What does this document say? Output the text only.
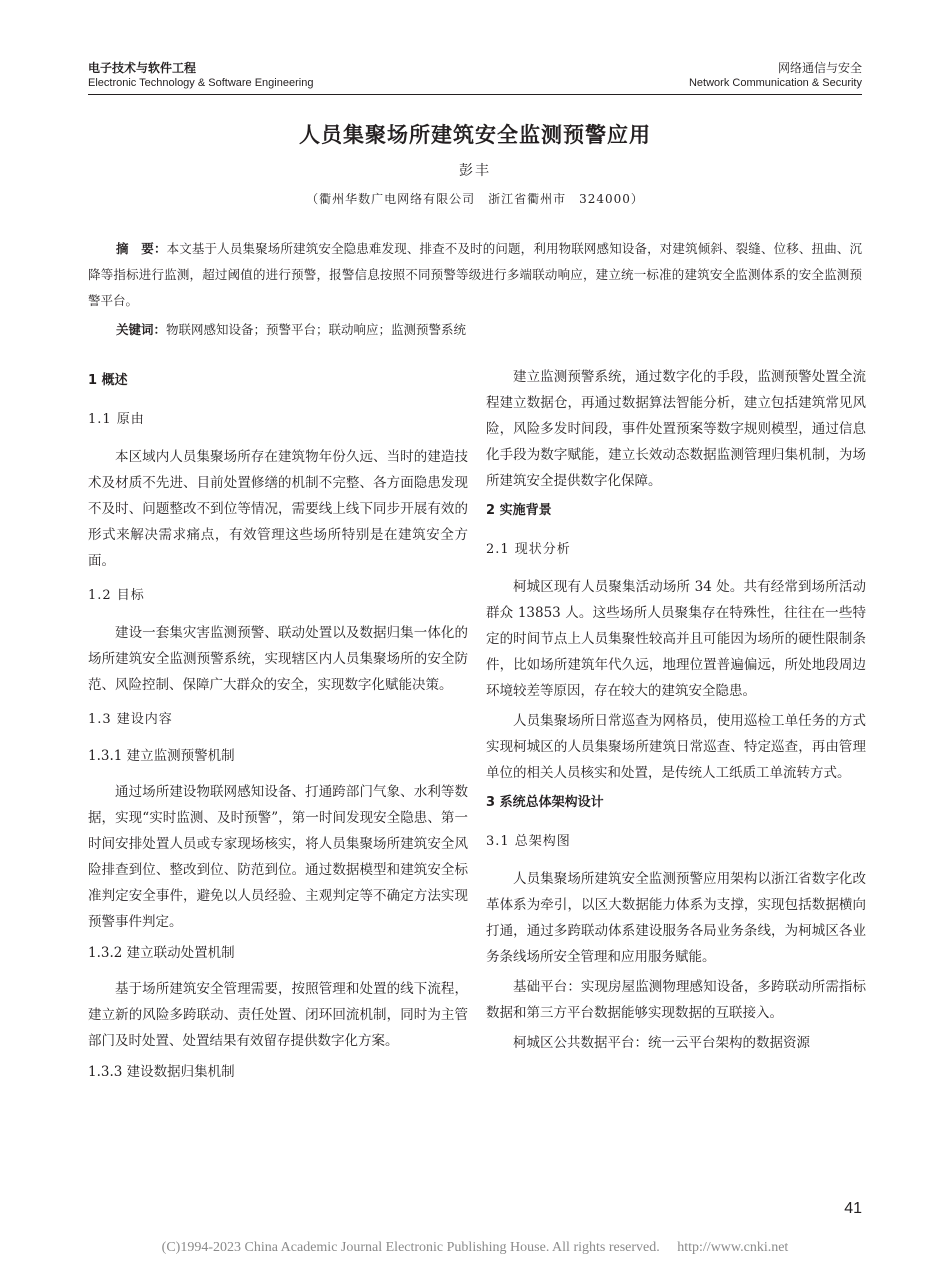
电子技术与软件工程
Electronic Technology & Software Engineering
网络通信与安全
Network Communication & Security
人员集聚场所建筑安全监测预警应用
彭丰
（衢州华数广电网络有限公司　浙江省衢州市　324000）
摘　要：本文基于人员集聚场所建筑安全隐患难发现、排查不及时的问题，利用物联网感知设备，对建筑倾斜、裂缝、位移、扭曲、沉降等指标进行监测，超过阈值的进行预警，报警信息按照不同预警等级进行多端联动响应，建立统一标准的建筑安全监测体系的安全监测预警平台。
关键词：物联网感知设备；预警平台；联动响应；监测预警系统
1 概述
1.1 原由

本区域内人员集聚场所存在建筑物年份久远、当时的建造技术及材质不先进、目前处置修缮的机制不完整、各方面隐患发现不及时、问题整改不到位等情况，需要线上线下同步开展有效的形式来解决需求痛点，有效管理这些场所特别是在建筑安全方面。

1.2 目标

建设一套集灾害监测预警、联动处置以及数据归集一体化的场所建筑安全监测预警系统，实现辖区内人员集聚场所的安全防范、风险控制、保障广大群众的安全，实现数字化赋能决策。

1.3 建设内容
1.3.1 建立监测预警机制

通过场所建设物联网感知设备、打通跨部门气象、水利等数据，实现“实时监测、及时预警”，第一时间发现安全隐患、第一时间安排处置人员或专家现场核实，将人员集聚场所建筑安全风险排查到位、整改到位、防范到位。通过数据模型和建筑安全标准判定安全事件，避免以人员经验、主观判定等不确定方法实现预警事件判定。

1.3.2 建立联动处置机制

基于场所建筑安全管理需要，按照管理和处置的线下流程，建立新的风险多跨联动、责任处置、闭环回流机制，同时为主管部门及时处置、处置结果有效留存提供数字化方案。

1.3.3 建设数据归集机制

建立监测预警系统，通过数字化的手段，监测预警处置全流程建立数据仓，再通过数据算法智能分析，建立包括建筑常见风险，风险多发时间段，事件处置预案等数字规则模型，通过信息化手段为数字赋能，建立长效动态数据监测管理归集机制，为场所建筑安全提供数字化保障。

2 实施背景
2.1 现状分析

柯城区现有人员聚集活动场所 34 处。共有经常到场所活动群众 13853 人。这些场所人员聚集存在特殊性，往往在一些特定的时间节点上人员集聚性较高并且可能因为场所的硬性限制条件，比如场所建筑年代久远，地理位置普遍偏远，所处地段周边环境较差等原因，存在较大的建筑安全隐患。

人员集聚场所日常巡查为网格员，使用巡检工单任务的方式实现柯城区的人员集聚场所建筑日常巡查、特定巡查，再由管理单位的相关人员核实和处置，是传统人工纸质工单流转方式。

3 系统总体架构设计
3.1 总架构图

人员集聚场所建筑安全监测预警应用架构以浙江省数字化改革体系为牵引，以区大数据能力体系为支撑，实现包括数据横向打通，通过多跨联动体系建设服务各局业务条线，为柯城区各业务条线场所安全管理和应用服务赋能。

基础平台：实现房屋监测物理感知设备，多跨联动所需指标数据和第三方平台数据能够实现数据的互联接入。

柯城区公共数据平台：统一云平台架构的数据资源

41
(C)1994-2023 China Academic Journal Electronic Publishing House. All rights reserved.　 http://www.cnki.net
